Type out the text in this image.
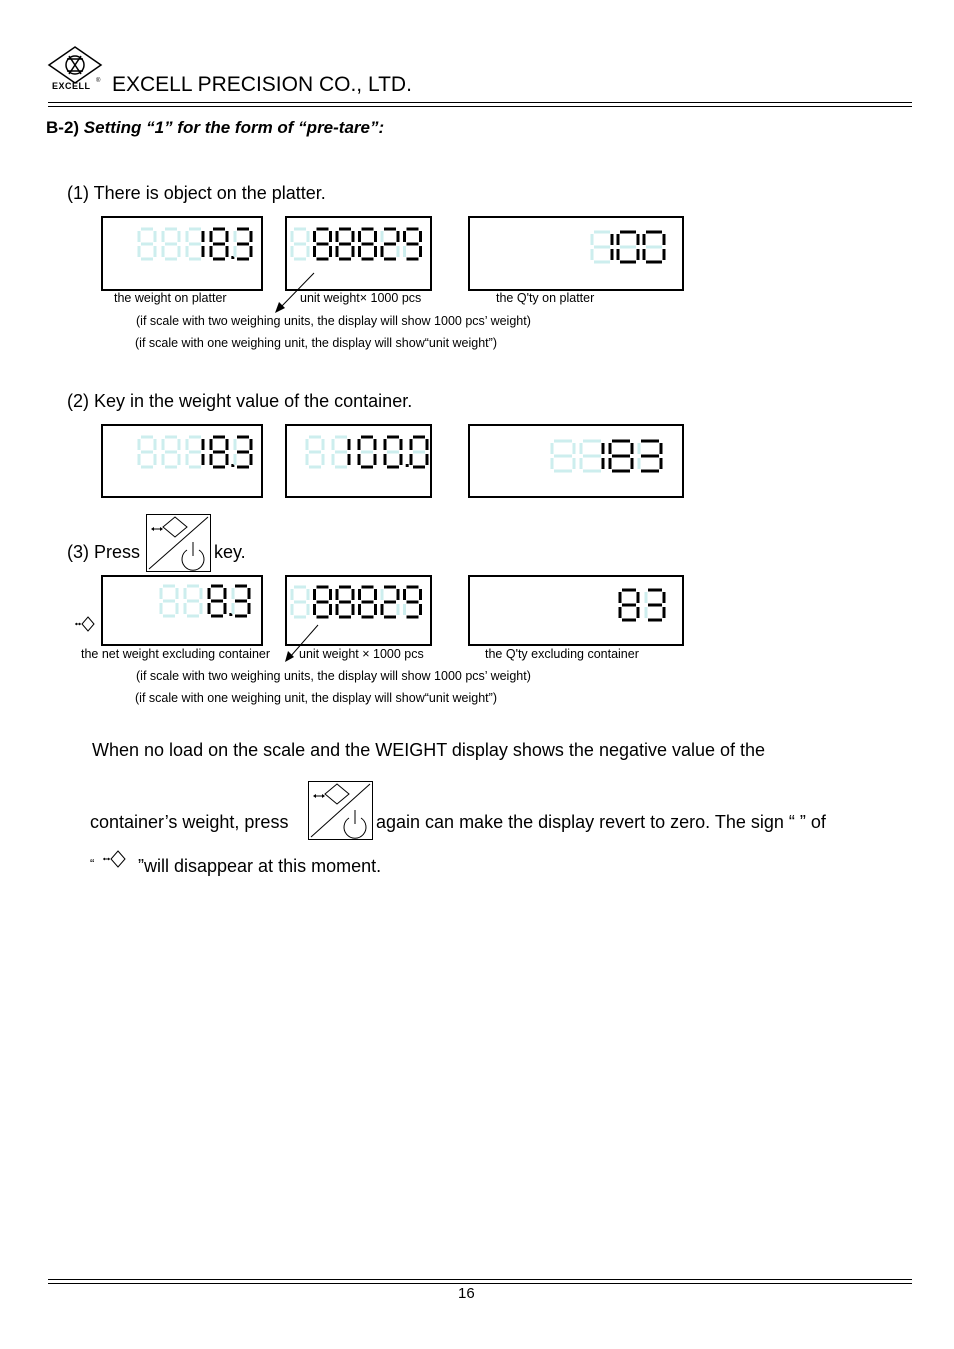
EXCELL ® EXCELL PRECISION CO., LTD.
B-2) Setting “1” for the form of “pre-tare”:
(1) There is object on the platter.
the weight on platter	unit weight× 1000 pcs	the Q'ty on platter
(if scale with two weighing units, the display will show 1000 pcs’ weight)
(if scale with one weighing unit, the display will show“unit weight”)
(2) Key in the weight value of the container.
(3) Press	key.
the net weight excluding container unit weight × 1000 pcs	the Q'ty excluding container
(if scale with two weighing units, the display will show 1000 pcs’ weight)
(if scale with one weighing unit, the display will show“unit weight”)
When no load on the scale and the WEIGHT display shows the negative value of the
container’s weight, press	again can make the display revert to zero. The sign “ ” of
“ ”will disappear at this moment.
16
